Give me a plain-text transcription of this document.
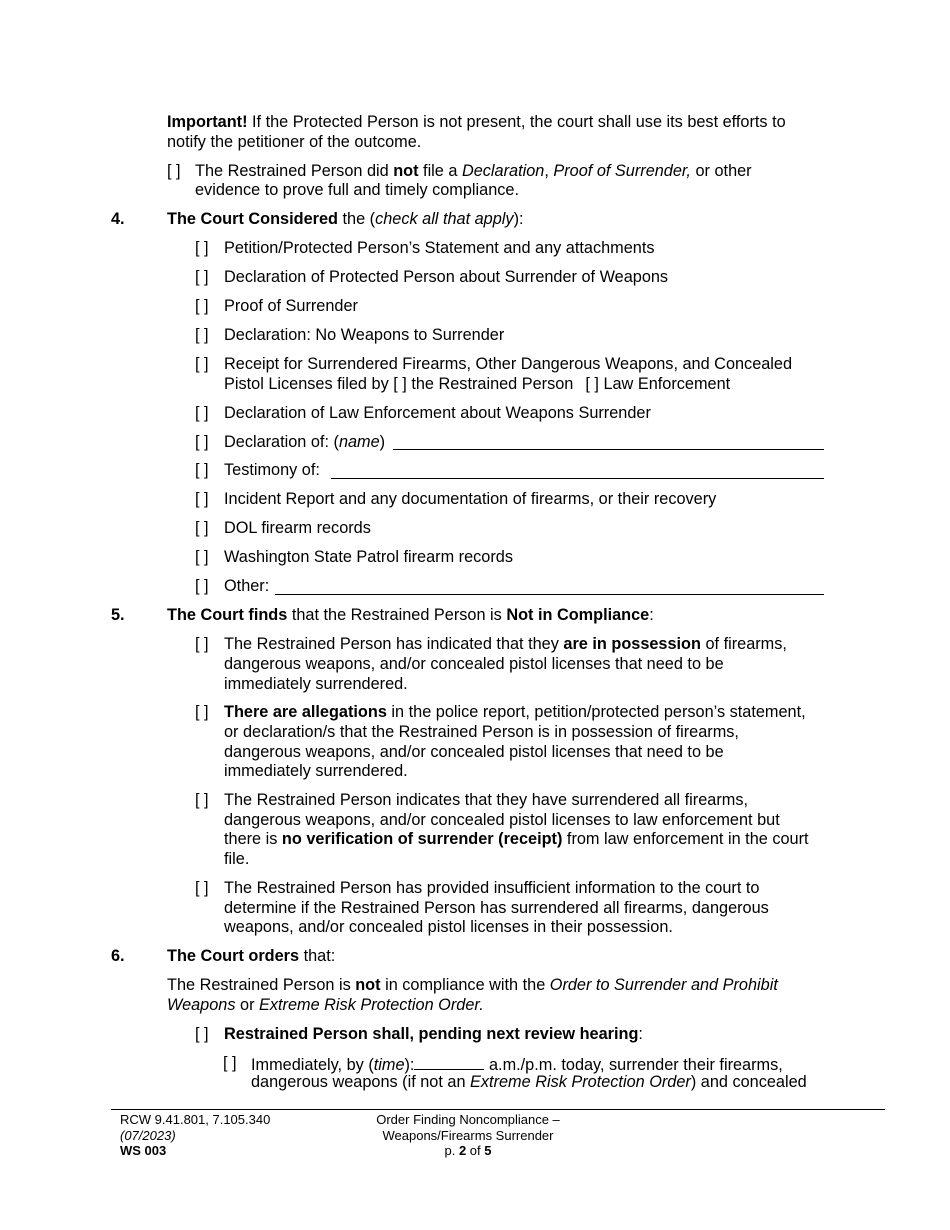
Important! If the Protected Person is not present, the court shall use its best efforts to
notify the petitioner of the outcome.
[ ] The Restrained Person did not file a Declaration, Proof of Surrender, or other
evidence to prove full and timely compliance.
4.	The Court Considered the (check all that apply):
[ ] Petition/Protected Person’s Statement and any attachments
[ ] Declaration of Protected Person about Surrender of Weapons
[ ] Proof of Surrender
[ ] Declaration: No Weapons to Surrender
[ ] Receipt for Surrendered Firearms, Other Dangerous Weapons, and Concealed
Pistol Licenses filed by [ ] the Restrained Person [ ] Law Enforcement
[ ] Declaration of Law Enforcement about Weapons Surrender
[ ] Declaration of: (name)
[ ] Testimony of:
[ ] Incident Report and any documentation of firearms, or their recovery
[ ] DOL firearm records
[ ] Washington State Patrol firearm records
[ ] Other:
5.	The Court finds that the Restrained Person is Not in Compliance:
[ ] The Restrained Person has indicated that they are in possession of firearms,
dangerous weapons, and/or concealed pistol licenses that need to be
immediately surrendered.
[ ] There are allegations in the police report, petition/protected person’s statement,
or declaration/s that the Restrained Person is in possession of firearms,
dangerous weapons, and/or concealed pistol licenses that need to be
immediately surrendered.
[ ] The Restrained Person indicates that they have surrendered all firearms,
dangerous weapons, and/or concealed pistol licenses to law enforcement but
there is no verification of surrender (receipt) from law enforcement in the court
file.
[ ] The Restrained Person has provided insufficient information to the court to
determine if the Restrained Person has surrendered all firearms, dangerous
weapons, and/or concealed pistol licenses in their possession.
6.	The Court orders that:
The Restrained Person is not in compliance with the Order to Surrender and Prohibit
Weapons or Extreme Risk Protection Order.
[ ] Restrained Person shall, pending next review hearing:
[ ] Immediately, by (time):	a.m./p.m. today, surrender their firearms,
dangerous weapons (if not an Extreme Risk Protection Order) and concealed
RCW 9.41.801, 7.105.340
(07/2023)
WS 003
Order Finding Noncompliance –
Weapons/Firearms Surrender
p. 2 of 5
